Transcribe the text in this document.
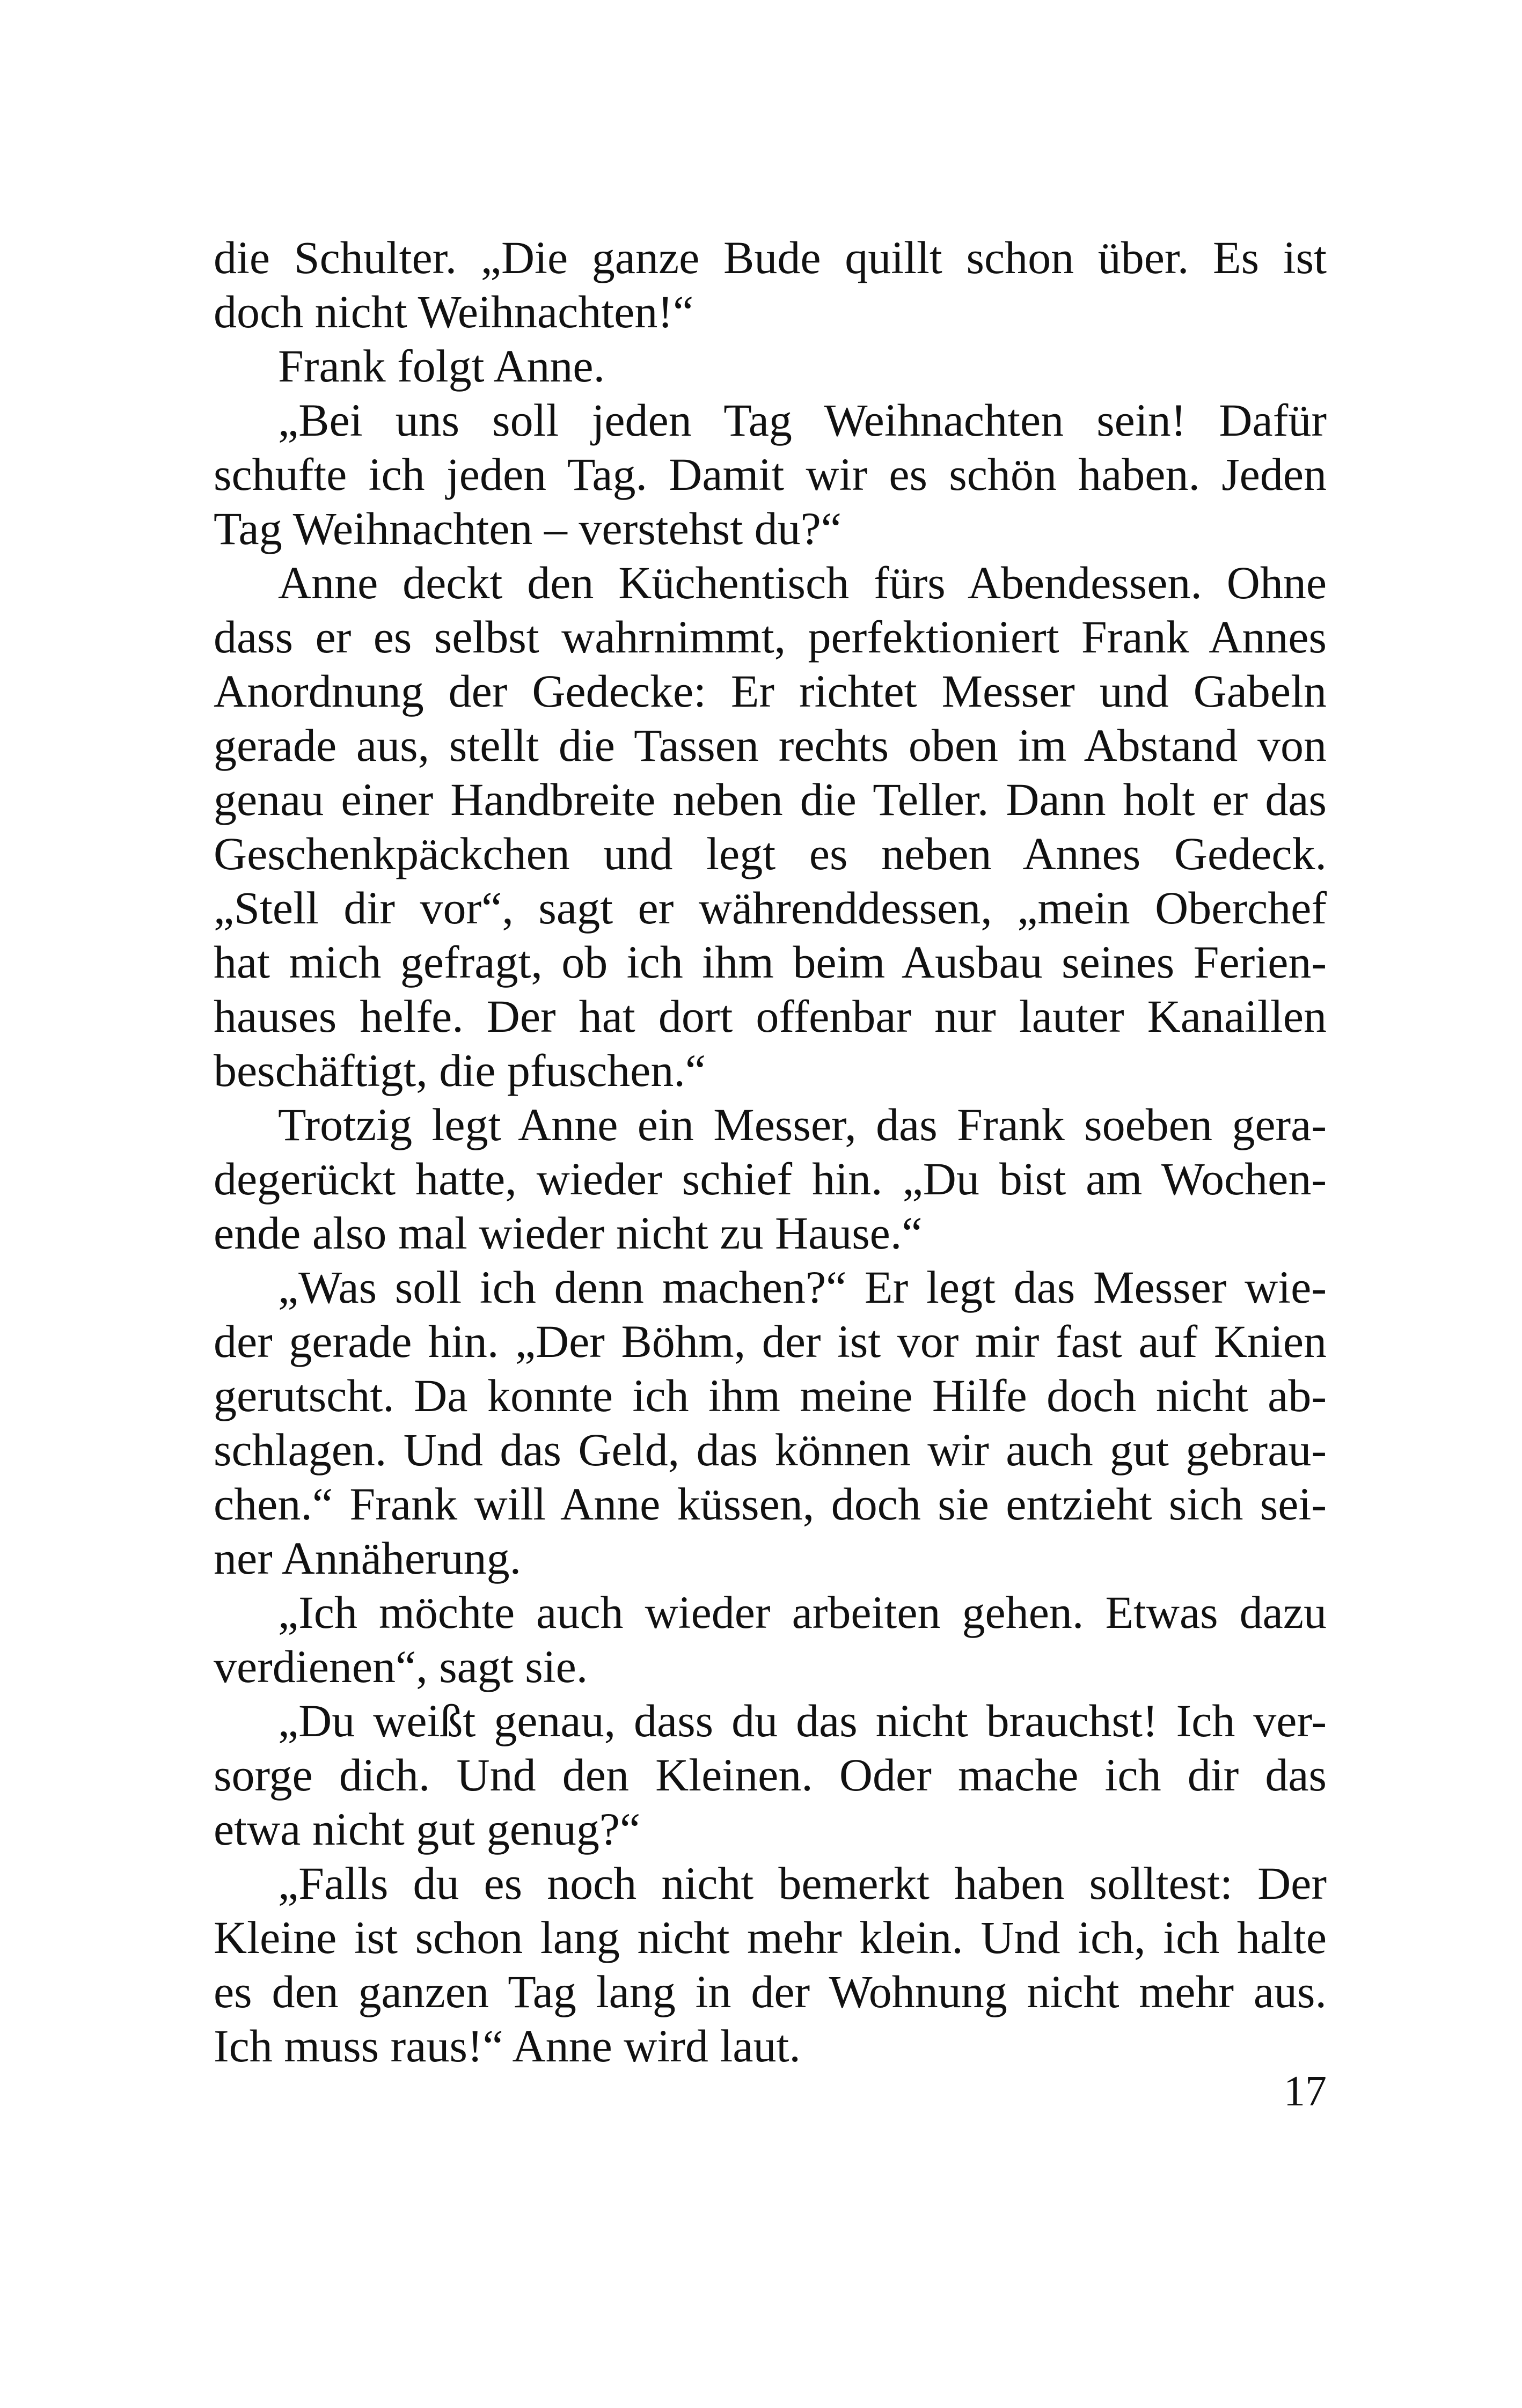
die Schulter. „Die ganze Bude quillt schon über. Es ist
doch nicht Weihnachten!“
Frank folgt Anne.
„Bei uns soll jeden Tag Weihnachten sein! Dafür
schufte ich jeden Tag. Damit wir es schön haben. Jeden
Tag Weihnachten – verstehst du?“
Anne deckt den Küchentisch fürs Abendessen. Ohne
dass er es selbst wahrnimmt, perfektioniert Frank Annes
Anordnung der Gedecke: Er richtet Messer und Gabeln
gerade aus, stellt die Tassen rechts oben im Abstand von
genau einer Handbreite neben die Teller. Dann holt er das
Geschenkpäckchen und legt es neben Annes Gedeck.
„Stell dir vor“, sagt er währenddessen, „mein Oberchef
hat mich gefragt, ob ich ihm beim Ausbau seines Ferien-
hauses helfe. Der hat dort offenbar nur lauter Kanaillen
beschäftigt, die pfuschen.“
Trotzig legt Anne ein Messer, das Frank soeben gera-
degerückt hatte, wieder schief hin. „Du bist am Wochen-
ende also mal wieder nicht zu Hause.“
„Was soll ich denn machen?“ Er legt das Messer wie-
der gerade hin. „Der Böhm, der ist vor mir fast auf Knien
gerutscht. Da konnte ich ihm meine Hilfe doch nicht ab-
schlagen. Und das Geld, das können wir auch gut gebrau-
chen.“ Frank will Anne küssen, doch sie entzieht sich sei-
ner Annäherung.
„Ich möchte auch wieder arbeiten gehen. Etwas dazu
verdienen“, sagt sie.
„Du weißt genau, dass du das nicht brauchst! Ich ver-
sorge dich. Und den Kleinen. Oder mache ich dir das
etwa nicht gut genug?“
„Falls du es noch nicht bemerkt haben solltest: Der
Kleine ist schon lang nicht mehr klein. Und ich, ich halte
es den ganzen Tag lang in der Wohnung nicht mehr aus.
Ich muss raus!“ Anne wird laut.
17
